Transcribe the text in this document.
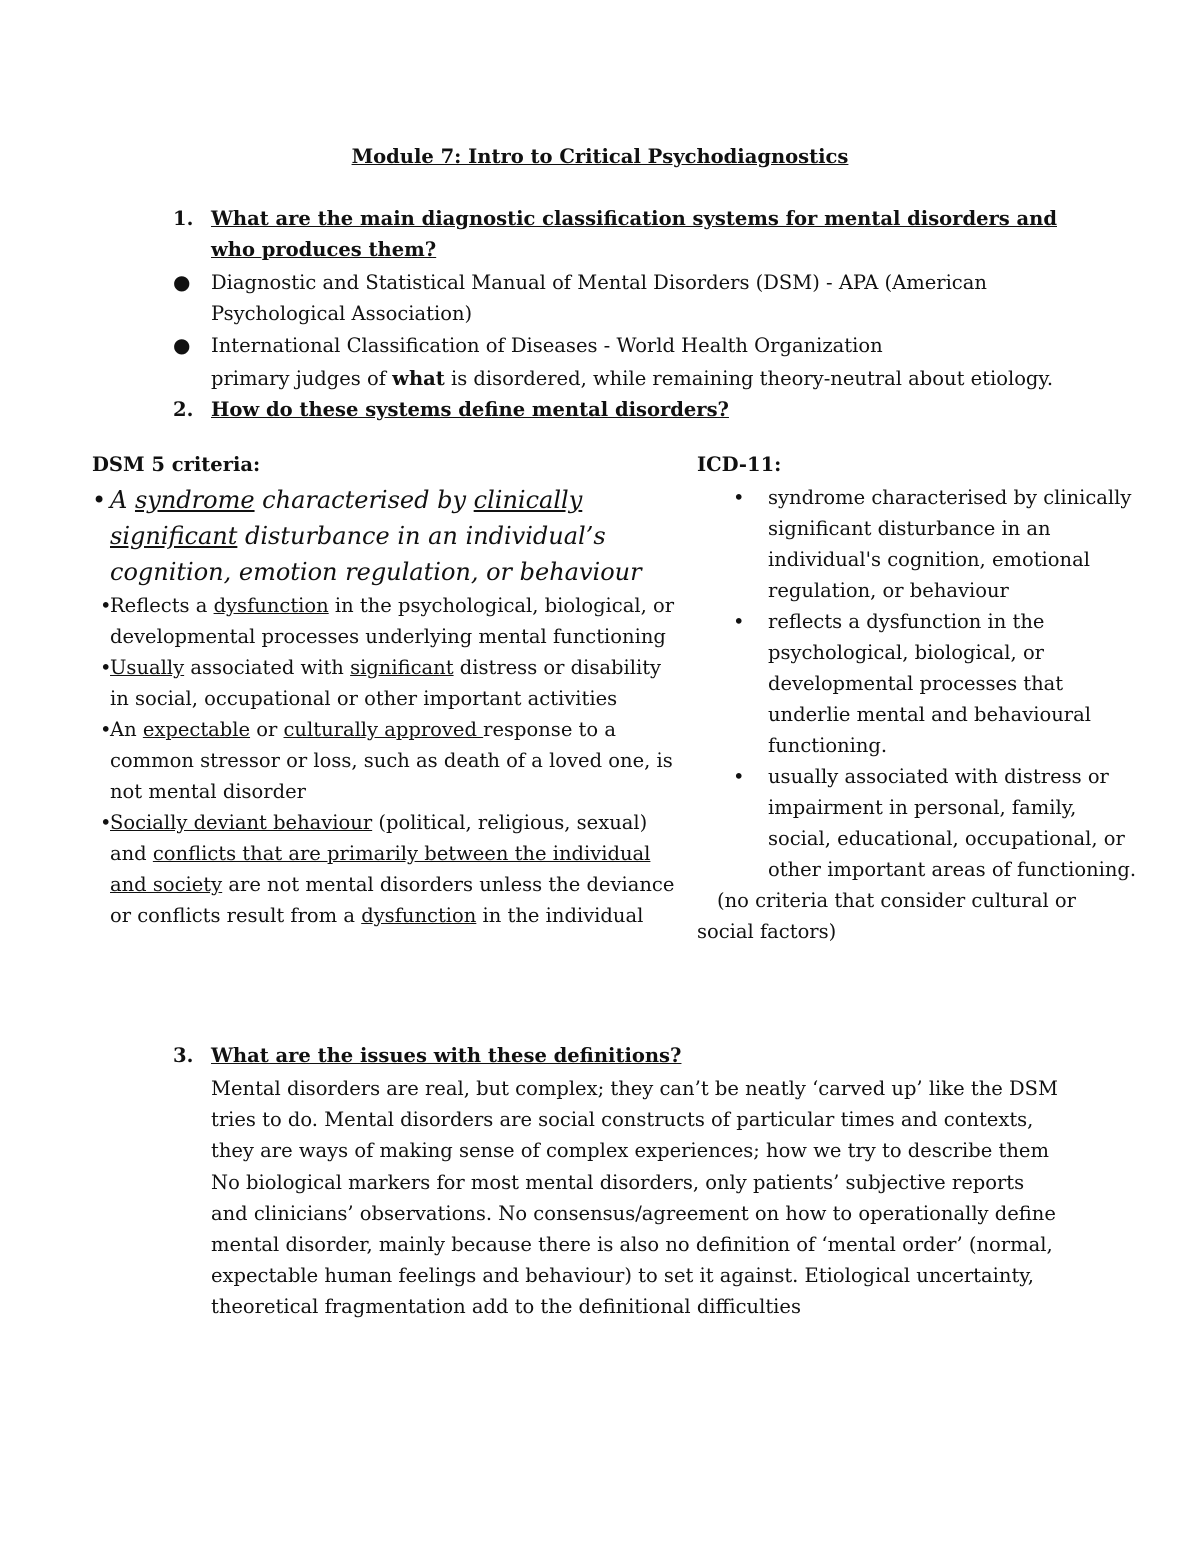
Module 7: Intro to Critical Psychodiagnostics
1. What are the main diagnostic classification systems for mental disorders and who produces them?
● Diagnostic and Statistical Manual of Mental Disorders (DSM) - APA (American Psychological Association)
● International Classification of Diseases - World Health Organization
primary judges of what is disordered, while remaining theory-neutral about etiology.
2. How do these systems define mental disorders?
DSM 5 criteria:
• A syndrome characterised by clinically significant disturbance in an individual’s cognition, emotion regulation, or behaviour
•
Reflects a dysfunction in the psychological, biological, or developmental processes underlying mental functioning
•
Usually associated with significant distress or disability in social, occupational or other important activities
•
An expectable or culturally approved response to a common stressor or loss, such as death of a loved one, is not mental disorder
•
Socially deviant behaviour (political, religious, sexual) and conflicts that are primarily between the individual and society are not mental disorders unless the deviance or conflicts result from a dysfunction in the individual
ICD-11:
• syndrome characterised by clinically significant disturbance in an individual's cognition, emotional regulation, or behaviour
• reflects a dysfunction in the psychological, biological, or developmental processes that underlie mental and behavioural functioning.
• usually associated with distress or impairment in personal, family, social, educational, occupational, or other important areas of functioning.
(no criteria that consider cultural or social factors)
3. What are the issues with these definitions?
Mental disorders are real, but complex; they can’t be neatly ‘carved up’ like the DSM tries to do. Mental disorders are social constructs of particular times and contexts, they are ways of making sense of complex experiences; how we try to describe them
No biological markers for most mental disorders, only patients’ subjective reports and clinicians’ observations. No consensus/agreement on how to operationally define mental disorder, mainly because there is also no definition of ‘mental order’ (normal, expectable human feelings and behaviour) to set it against. Etiological uncertainty, theoretical fragmentation add to the definitional difficulties
